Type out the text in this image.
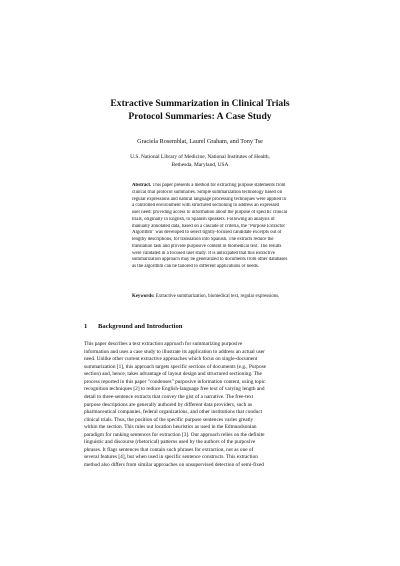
Extractive Summarization in Clinical Trials
Protocol Summaries: A Case Study
Graciela Rosemblat, Laurel Graham, and Tony Tse
U.S. National Library of Medicine, National Institutes of Health,
Bethesda, Maryland, USA
Abstract. This paper presents a method for extracting purpose statements from
clinical trial protocol summaries. Simple summarization technology based on
regular expressions and natural language processing techniques were applied in
a controlled environment with structured sectioning to address an expressed
user need: providing access to information about the purpose of specific clinical
trials, originally in English, to Spanish speakers. Following an analysis of
manually annotated data, based on a cascade of criteria, the "Purpose Extractor
Algorithm" was developed to select tightly-focused candidate excerpts out of
lengthy descriptions, for translation into Spanish. The extracts reduce the
translation task and provide purposive content in biomedical text. The results
were validated in a focused user study. It is anticipated that this extractive
summarization approach may be generalized to documents from other databases
as the algorithm can be tailored to different applications or needs.
Keywords: Extractive summarization, biomedical text, regular expressions.
1 Background and Introduction
This paper describes a text extraction approach for summarizing purposive
information and uses a case study to illustrate its application to address an actual user
need. Unlike other current extractive approaches which focus on single-document
summarization [1], this approach targets specific sections of documents (e.g., Purpose
section) and, hence, takes advantage of layout design and structured sectioning. The
process reported in this paper "condenses" purposive information content, using topic
recognition techniques [2] to reduce English-language free text of varying length and
detail to three-sentence extracts that convey the gist of a narrative. The free-text
purpose descriptions are generally authored by different data providers, such as
pharmaceutical companies, federal organizations, and other institutions that conduct
clinical trials. Thus, the position of the specific purpose sentences varies greatly
within the section. This rules out location heuristics as used in the Edmundsonian
paradigm for ranking sentences for extraction [3]. Our approach relies on the definite
linguistic and discourse (rhetorical) patterns used by the authors of the purposive
phrases. It flags sentences that contain such phrases for extraction, not as one of
several features [4], but when used in specific sentence constructs. This extraction
method also differs from similar approaches on unsupervised detection of semi-fixed
